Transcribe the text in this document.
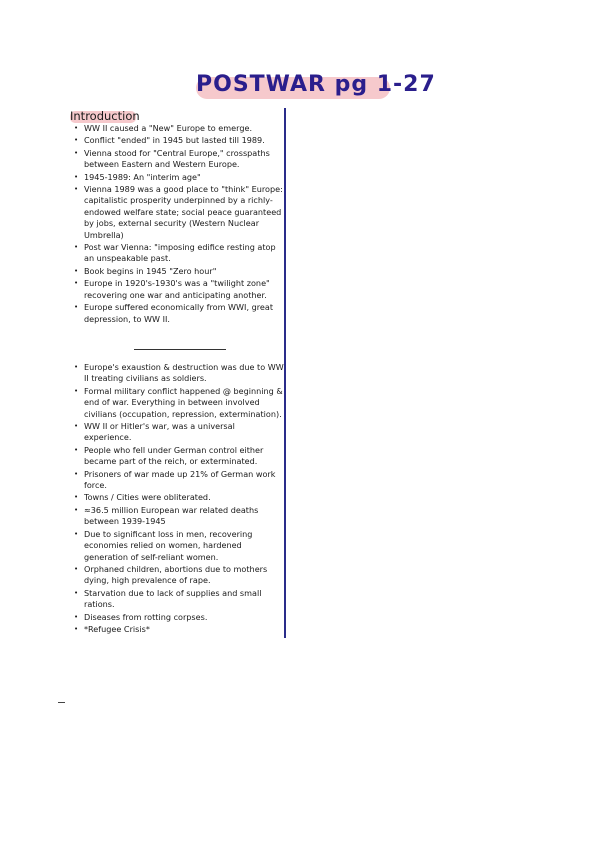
POSTWAR pg 1-27
Introduction
• WW II caused a "New" Europe to emerge.
• Conflict "ended" in 1945 but lasted till 1989.
• Vienna stood for "Central Europe," crosspaths between Eastern and Western Europe.
• 1945-1989: An "interim age"
• Vienna 1989 was a good place to "think" Europe: capitalistic prosperity underpinned by a richly-endowed welfare state; social peace guaranteed by jobs, external security (Western Nuclear Umbrella)
• Post war Vienna: "imposing edifice resting atop an unspeakable past.
• Book begins in 1945 "Zero hour"
• Europe in 1920's-1930's was a "twilight zone" recovering one war and anticipating another.
• Europe suffered economically from WWI, great depression, to WW II.
• Europe's exaustion & destruction was due to WW II treating civilians as soldiers.
• Formal military conflict happened @ beginning & end of war. Everything in between involved civilians (occupation, repression, extermination).
• WW II or Hitler's war, was a universal experience.
• People who fell under German control either became part of the reich, or exterminated.
• Prisoners of war made up 21% of German work force.
• Towns / Cities were obliterated.
• ≈36.5 million European war related deaths between 1939-1945
• Due to significant loss in men, recovering economies relied on women, hardened generation of self-reliant women.
• Orphaned children, abortions due to mothers dying, high prevalence of rape.
• Starvation due to lack of supplies and small rations.
• Diseases from rotting corpses.
• *Refugee Crisis*
